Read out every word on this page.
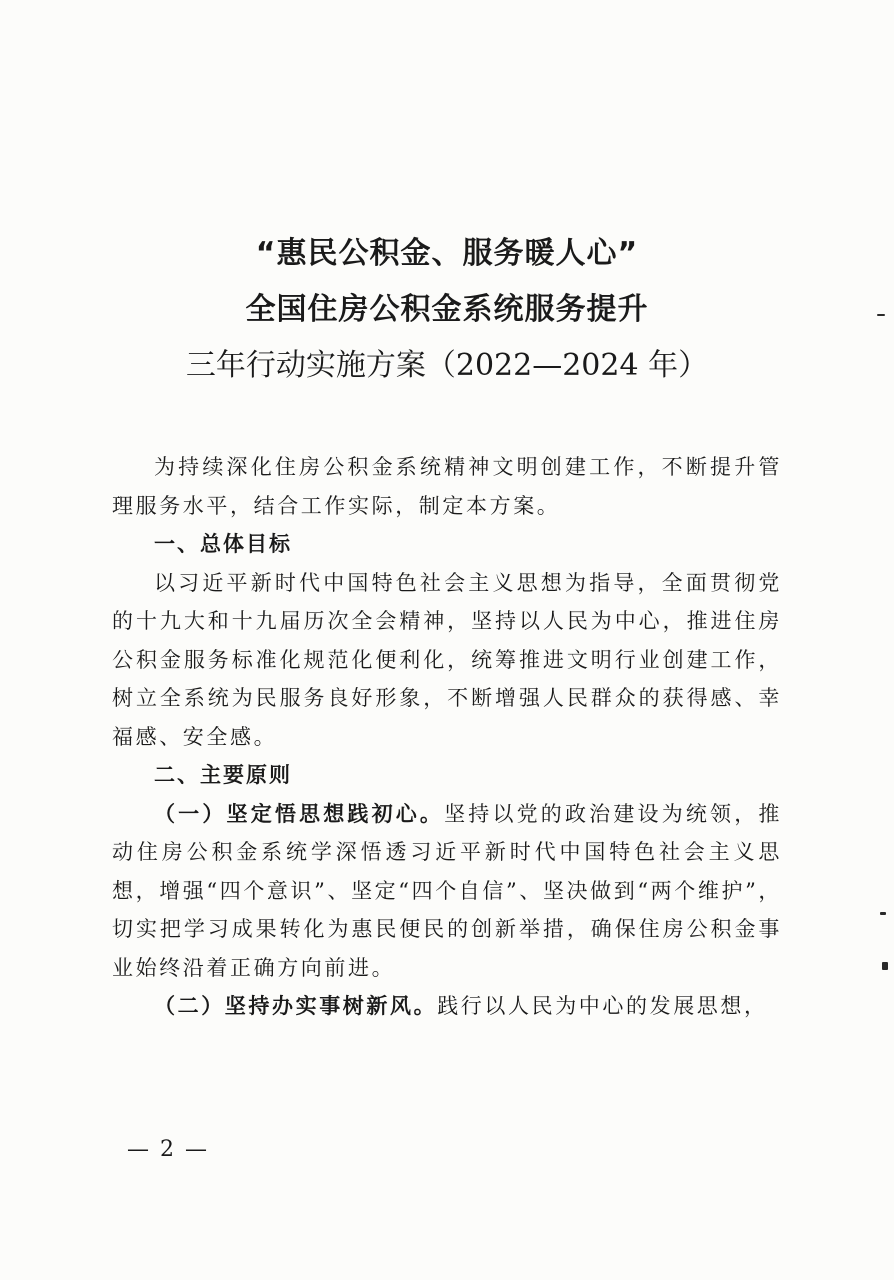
“惠民公积金、服务暖人心”
全国住房公积金系统服务提升
三年行动实施方案（2022—2024 年）

为持续深化住房公积金系统精神文明创建工作，不断提升管理服务水平，结合工作实际，制定本方案。

一、总体目标

以习近平新时代中国特色社会主义思想为指导，全面贯彻党的十九大和十九届历次全会精神，坚持以人民为中心，推进住房公积金服务标准化规范化便利化，统筹推进文明行业创建工作，树立全系统为民服务良好形象，不断增强人民群众的获得感、幸福感、安全感。

二、主要原则

（一）坚定悟思想践初心。坚持以党的政治建设为统领，推动住房公积金系统学深悟透习近平新时代中国特色社会主义思想，增强“四个意识”、坚定“四个自信”、坚决做到“两个维护”，切实把学习成果转化为惠民便民的创新举措，确保住房公积金事业始终沿着正确方向前进。

（二）坚持办实事树新风。践行以人民为中心的发展思想，

— 2 —
